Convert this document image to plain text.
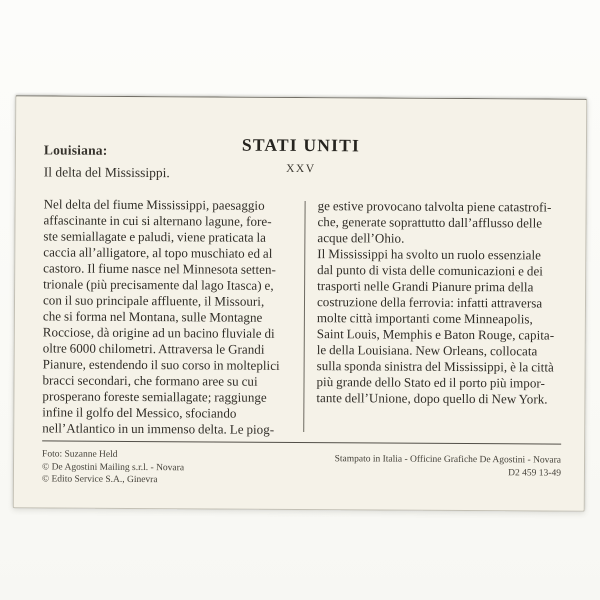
Louisiana:
Il delta del Mississippi.
STATI UNITI
XXV
Nel delta del fiume Mississippi, paesaggio
affascinante in cui si alternano lagune, fore-
ste semiallagate e paludi, viene praticata la
caccia all’alligatore, al topo muschiato ed al
castoro. Il fiume nasce nel Minnesota setten-
trionale (più precisamente dal lago Itasca) e,
con il suo principale affluente, il Missouri,
che si forma nel Montana, sulle Montagne
Rocciose, dà origine ad un bacino fluviale di
oltre 6000 chilometri. Attraversa le Grandi
Pianure, estendendo il suo corso in molteplici
bracci secondari, che formano aree su cui
prosperano foreste semiallagate; raggiunge
infine il golfo del Messico, sfociando
nell’Atlantico in un immenso delta. Le piog-
ge estive provocano talvolta piene catastrofi-
che, generate soprattutto dall’afflusso delle
acque dell’Ohio.
Il Mississippi ha svolto un ruolo essenziale
dal punto di vista delle comunicazioni e dei
trasporti nelle Grandi Pianure prima della
costruzione della ferrovia: infatti attraversa
molte città importanti come Minneapolis,
Saint Louis, Memphis e Baton Rouge, capita-
le della Louisiana. New Orleans, collocata
sulla sponda sinistra del Mississippi, è la città
più grande dello Stato ed il porto più impor-
tante dell’Unione, dopo quello di New York.
Foto: Suzanne Held
© De Agostini Mailing s.r.l. - Novara
© Edito Service S.A., Ginevra
Stampato in Italia - Officine Grafiche De Agostini - Novara
D2 459 13-49
